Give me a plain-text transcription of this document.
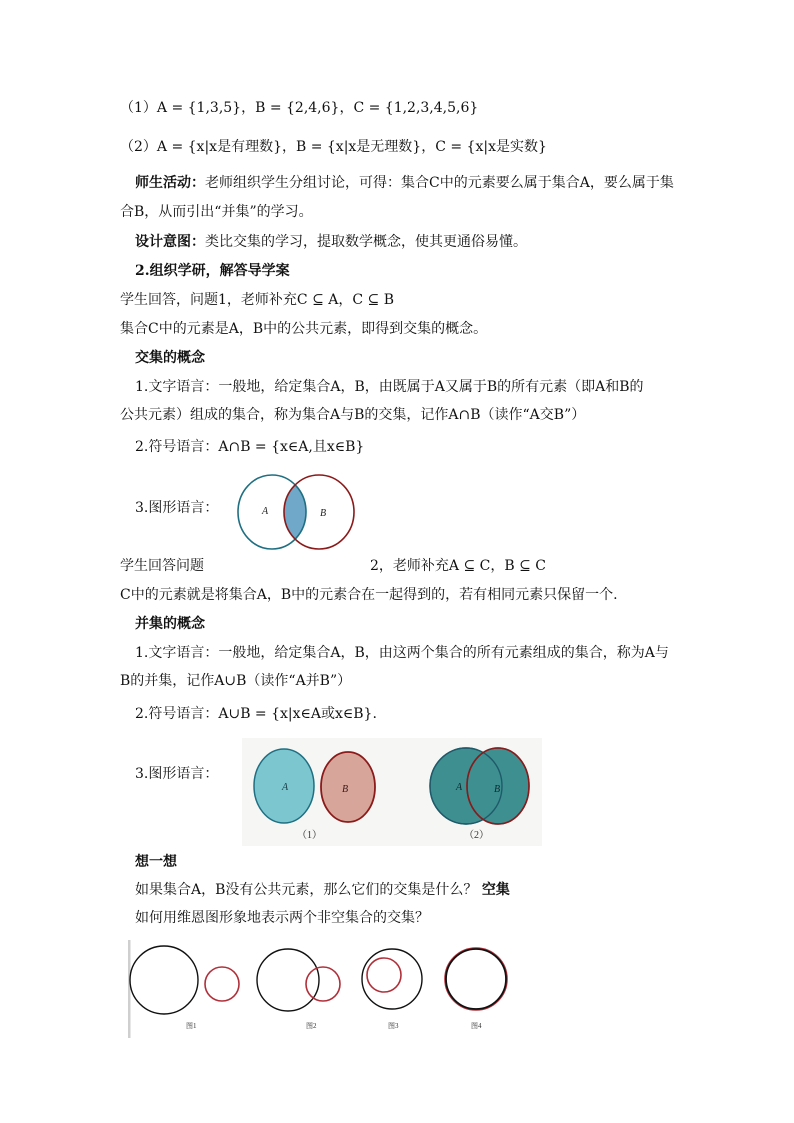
（1）A = {1,3,5}，B = {2,4,6}，C = {1,2,3,4,5,6}
（2）A = {x|x是有理数}，B = {x|x是无理数}，C = {x|x是实数}
师生活动：老师组织学生分组讨论，可得：集合C中的元素要么属于集合A，要么属于集
合B，从而引出“并集”的学习。
设计意图：类比交集的学习，提取数学概念，使其更通俗易懂。
2.组织学研，解答导学案
学生回答，问题1，老师补充C ⊆ A，C ⊆ B
集合C中的元素是A，B中的公共元素，即得到交集的概念。
交集的概念
1.文字语言：一般地，给定集合A，B，由既属于A又属于B的所有元素（即A和B的
公共元素）组成的集合，称为集合A与B的交集，记作A∩B（读作“A交B”）
2.符号语言：A∩B = {x∈A,且x∈B}
3.图形语言：	A	B
学生回答问题	2，老师补充A ⊆ C，B ⊆ C
C中的元素就是将集合A，B中的元素合在一起得到的，若有相同元素只保留一个.
并集的概念
1.文字语言：一般地，给定集合A，B，由这两个集合的所有元素组成的集合，称为A与
B的并集，记作A∪B（读作“A并B”）
2.符号语言：A∪B = {x|x∈A或x∈B}.
3.图形语言：
A	B
（1）
A	B
（2）
想一想
如果集合A，B没有公共元素，那么它们的交集是什么？ 空集
如何用维恩图形象地表示两个非空集合的交集？
图1	图2	图3	图4
